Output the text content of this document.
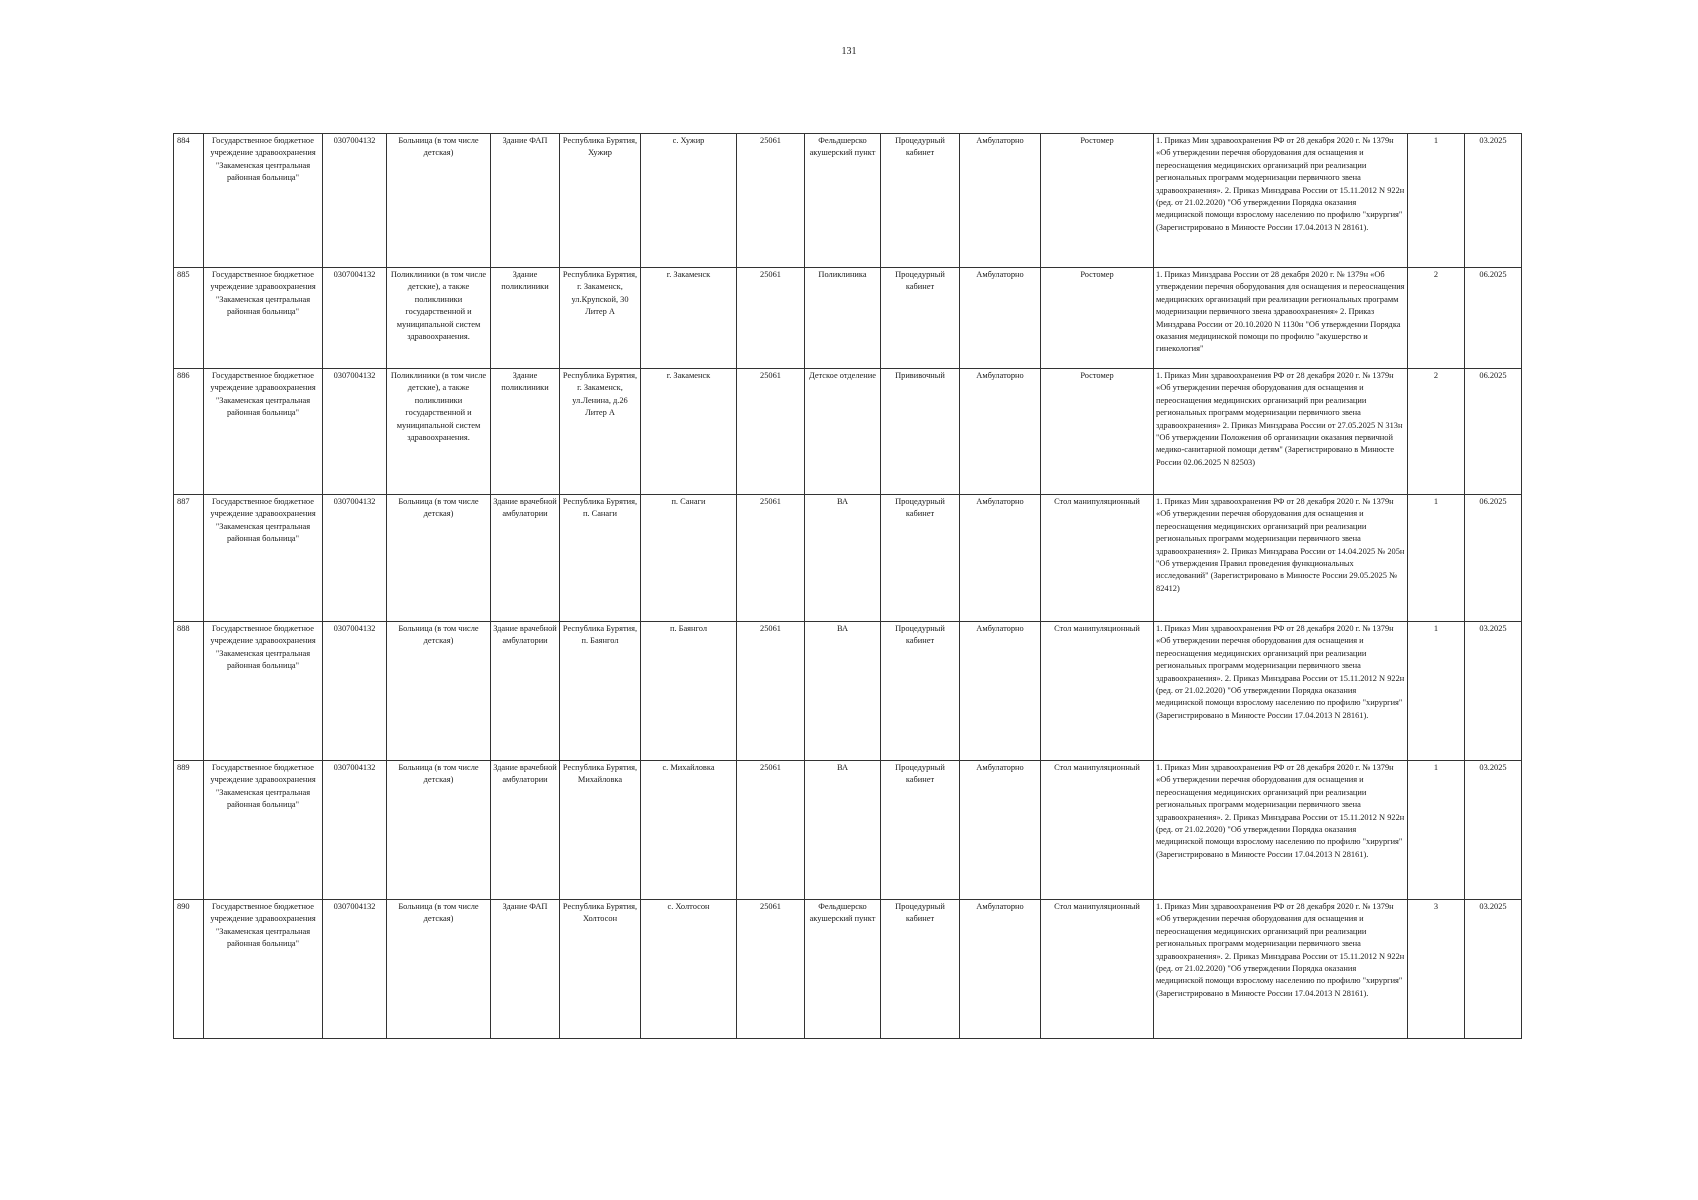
131
884	Государственное бюджетное учреждение здравоохранения "Закаменская центральная районная больница"	0307004132	Больница (в том числе детская)	Здание ФАП	Республика Бурятия, Хужир	с. Хужир	25061	Фельдшерско акушерский пункт	Процедурный кабинет	Амбулаторно	Ростомер	1. Приказ Мин здравоохранения РФ от 28 декабря 2020 г. № 1379н «Об утверждении перечня оборудования для оснащения и переоснащения медицинских организаций при реализации региональных программ модернизации первичного звена здравоохранения». 2. Приказ Минздрава России от 15.11.2012 N 922н (ред. от 21.02.2020) "Об утверждении Порядка оказания медицинской помощи взрослому населению по профилю "хирургия" (Зарегистрировано в Минюсте России 17.04.2013 N 28161).	1	03.2025
885	Государственное бюджетное учреждение здравоохранения "Закаменская центральная районная больница"	0307004132	Поликлиники (в том числе детские), а также поликлиники государственной и муниципальной систем здравоохранения.	Здание поликлиники	Республика Бурятия, г. Закаменск, ул.Крупской, 30 Литер А	г. Закаменск	25061	Поликлиника	Процедурный кабинет	Амбулаторно	Ростомер	1. Приказ Минздрава России от 28 декабря 2020 г. № 1379н «Об утверждении перечня оборудования для оснащения и переоснащения медицинских организаций при реализации региональных программ модернизации первичного звена здравоохранения» 2. Приказ Минздрава России от 20.10.2020 N 1130н "Об утверждении Порядка оказания медицинской помощи по профилю "акушерство и гинекология"	2	06.2025
886	Государственное бюджетное учреждение здравоохранения "Закаменская центральная районная больница"	0307004132	Поликлиники (в том числе детские), а также поликлиники государственной и муниципальной систем здравоохранения.	Здание поликлиники	Республика Бурятия, г. Закаменск, ул.Ленина, д.26 Литер А	г. Закаменск	25061	Детское отделение	Прививочный	Амбулаторно	Ростомер	1. Приказ Мин здравоохранения РФ от 28 декабря 2020 г. № 1379н «Об утверждении перечня оборудования для оснащения и переоснащения медицинских организаций при реализации региональных программ модернизации первичного звена здравоохранения» 2. Приказ Минздрава России от 27.05.2025 N 313н "Об утверждении Положения об организации оказания первичной медико-санитарной помощи детям" (Зарегистрировано в Минюсте России 02.06.2025 N 82503)	2	06.2025
887	Государственное бюджетное учреждение здравоохранения "Закаменская центральная районная больница"	0307004132	Больница (в том числе детская)	Здание врачебной амбулатории	Республика Бурятия, п. Санаги	п. Санаги	25061	ВА	Процедурный кабинет	Амбулаторно	Стол манипуляционный	1. Приказ Мин здравоохранения РФ от 28 декабря 2020 г. № 1379н «Об утверждении перечня оборудования для оснащения и переоснащения медицинских организаций при реализации региональных программ модернизации первичного звена здравоохранения» 2. Приказ Минздрава России от 14.04.2025 № 205н "Об утверждения Правил проведения функциональных исследований" (Зарегистрировано в Минюсте России 29.05.2025 № 82412)	1	06.2025
888	Государственное бюджетное учреждение здравоохранения "Закаменская центральная районная больница"	0307004132	Больница (в том числе детская)	Здание врачебной амбулатории	Республика Бурятия, п. Баянгол	п. Баянгол	25061	ВА	Процедурный кабинет	Амбулаторно	Стол манипуляционный	1. Приказ Мин здравоохранения РФ от 28 декабря 2020 г. № 1379н «Об утверждении перечня оборудования для оснащения и переоснащения медицинских организаций при реализации региональных программ модернизации первичного звена здравоохранения». 2. Приказ Минздрава России от 15.11.2012 N 922н (ред. от 21.02.2020) "Об утверждении Порядка оказания медицинской помощи взрослому населению по профилю "хирургия" (Зарегистрировано в Минюсте России 17.04.2013 N 28161).	1	03.2025
889	Государственное бюджетное учреждение здравоохранения "Закаменская центральная районная больница"	0307004132	Больница (в том числе детская)	Здание врачебной амбулатории	Республика Бурятия, Михайловка	с. Михайловка	25061	ВА	Процедурный кабинет	Амбулаторно	Стол манипуляционный	1. Приказ Мин здравоохранения РФ от 28 декабря 2020 г. № 1379н «Об утверждении перечня оборудования для оснащения и переоснащения медицинских организаций при реализации региональных программ модернизации первичного звена здравоохранения». 2. Приказ Минздрава России от 15.11.2012 N 922н (ред. от 21.02.2020) "Об утверждении Порядка оказания медицинской помощи взрослому населению по профилю "хирургия" (Зарегистрировано в Минюсте России 17.04.2013 N 28161).	1	03.2025
890	Государственное бюджетное учреждение здравоохранения "Закаменская центральная районная больница"	0307004132	Больница (в том числе детская)	Здание ФАП	Республика Бурятия, Холтосон	с. Холтосон	25061	Фельдшерско акушерский пункт	Процедурный кабинет	Амбулаторно	Стол манипуляционный	1. Приказ Мин здравоохранения РФ от 28 декабря 2020 г. № 1379н «Об утверждении перечня оборудования для оснащения и переоснащения медицинских организаций при реализации региональных программ модернизации первичного звена здравоохранения». 2. Приказ Минздрава России от 15.11.2012 N 922н (ред. от 21.02.2020) "Об утверждении Порядка оказания медицинской помощи взрослому населению по профилю "хирургия" (Зарегистрировано в Минюсте России 17.04.2013 N 28161).	3	03.2025
